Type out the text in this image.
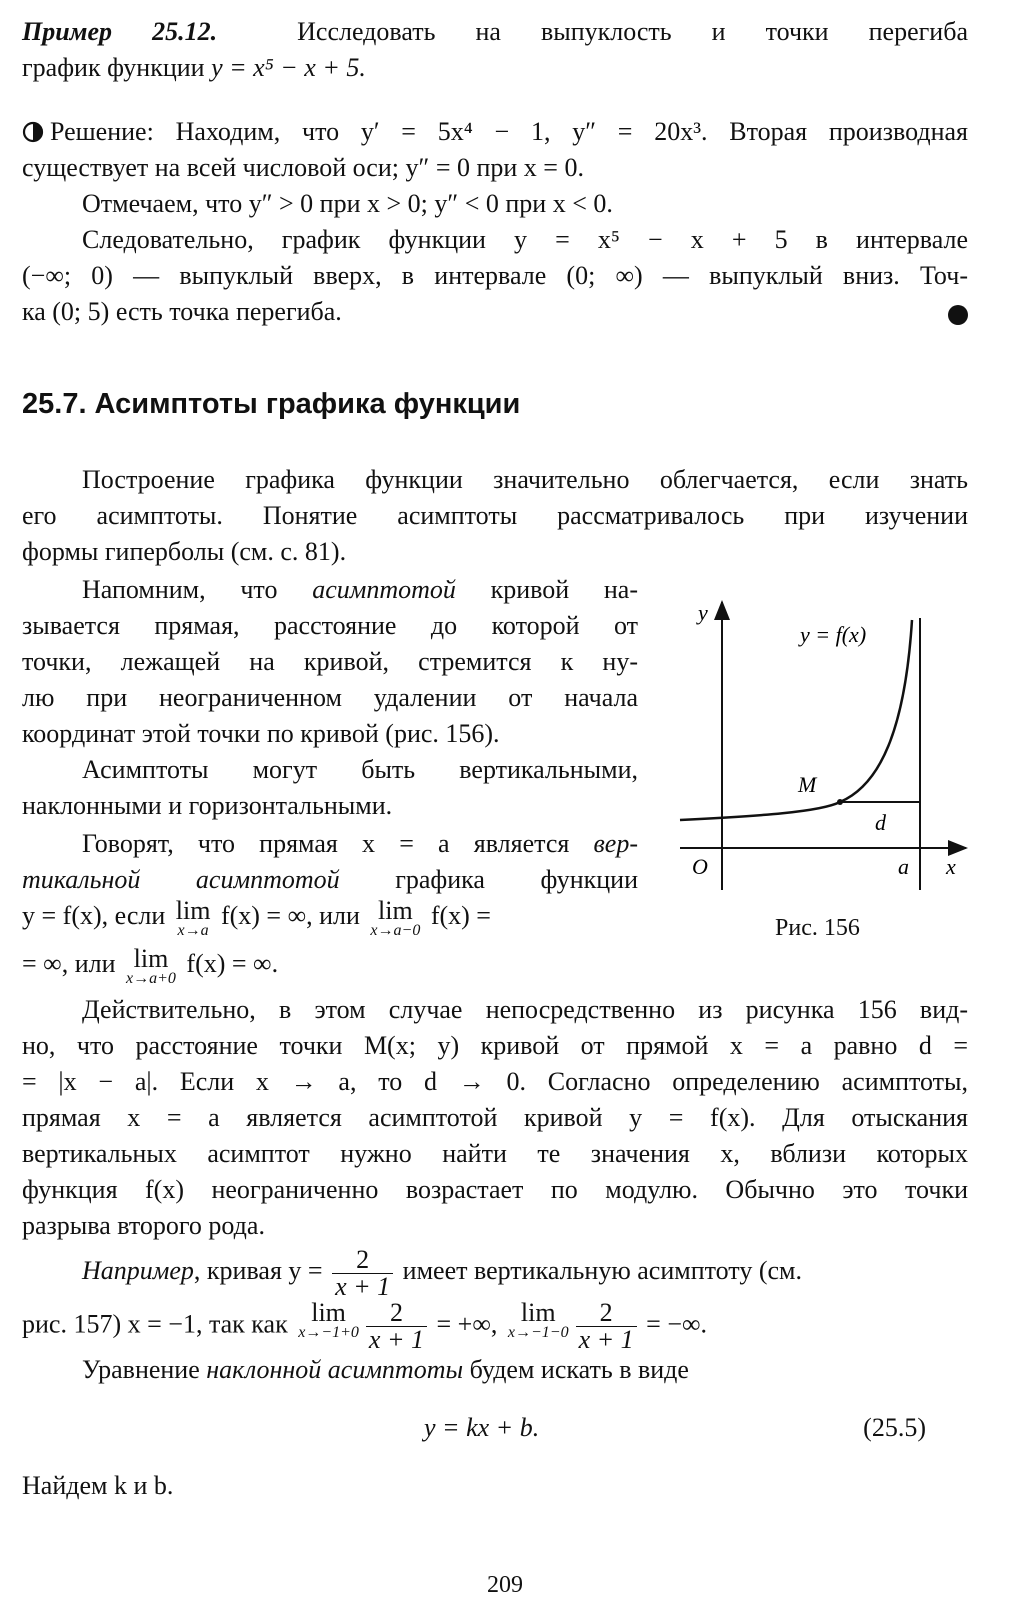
Пример 25.12.	Исследовать на выпуклость и точки перегиба
график функции y = x⁵ − x + 5.
Решение: Находим, что y′ = 5x⁴ − 1, y″ = 20x³. Вторая производная
существует на всей числовой оси; y″ = 0 при x = 0.
Отмечаем, что y″ > 0 при x > 0; y″ < 0 при x < 0.
Следовательно, график функции y = x⁵ − x + 5 в интервале
(−∞; 0) — выпуклый вверх, в интервале (0; ∞) — выпуклый вниз. Точ-
ка (0; 5) есть точка перегиба.
25.7. Асимптоты графика функции
Построение графика функции значительно облегчается, если знать
его асимптоты. Понятие асимптоты рассматривалось при изучении
формы гиперболы (см. с. 81).
Напомним, что асимптотой кривой на-
зывается прямая, расстояние до которой от
точки, лежащей на кривой, стремится к ну-
лю при неограниченном удалении от начала
координат этой точки по кривой (рис. 156).
Асимптоты могут быть вертикальными,
наклонными и горизонтальными.
Говорят, что прямая x = a является вер-
тикальной асимптотой графика функции
y = f(x), если lim
x→a
f(x) = ∞, или lim
x→a−0
f(x) =
= ∞, или lim
x→a+0
f(x) = ∞.
y
x
O	a
y = f(x)
M
d
Рис. 156
Действительно, в этом случае непосредственно из рисунка 156 вид-
но, что расстояние точки M(x; y) кривой от прямой x = a равно d =
= |x − a|. Если x → a, то d → 0. Согласно определению асимптоты,
прямая x = a является асимптотой кривой y = f(x). Для отыскания
вертикальных асимптот нужно найти те значения x, вблизи которых
функция f(x) неограниченно возрастает по модулю. Обычно это точки
разрыва второго рода.
Например, кривая $y = \frac{2}{x + 1}$ имеет вертикальную асимптоту (см.
рис. 157) x = −1, так как lim
$x\to-1+0 \frac{2}{x + 1}$ = +∞, lim
$x\to-1-0 \frac{2}{x + 1}$ = −∞.
Уравнение наклонной асимптоты будем искать в виде
y = kx + b.	(25.5)
Найдем k и b.
209
